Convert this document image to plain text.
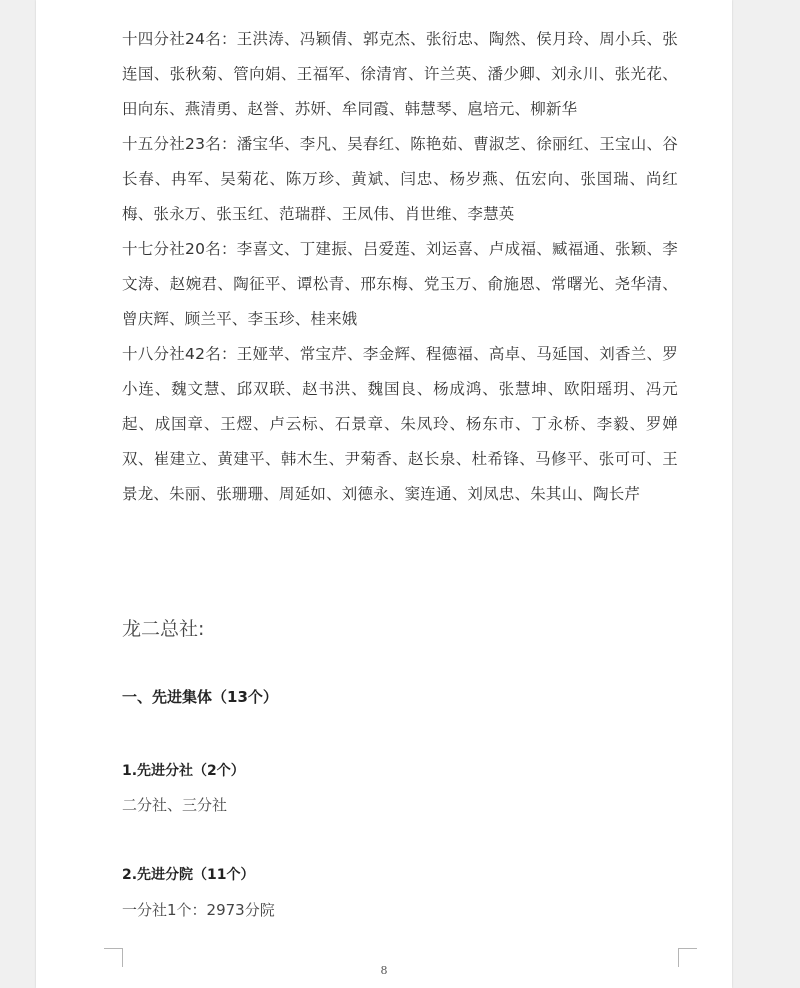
十四分社24名：王洪涛、冯颖倩、郭克杰、张衍忠、陶然、侯月玲、周小兵、张连国、张秋菊、管向娟、王福军、徐清宵、许兰英、潘少卿、刘永川、张光花、田向东、燕清勇、赵誉、苏妍、牟同霞、韩慧琴、扈培元、柳新华

十五分社23名：潘宝华、李凡、吴春红、陈艳茹、曹淑芝、徐丽红、王宝山、谷长春、冉军、吴菊花、陈万珍、黄斌、闫忠、杨岁燕、伍宏向、张国瑞、尚红梅、张永万、张玉红、范瑞群、王凤伟、肖世维、李慧英

十七分社20名：李喜文、丁建振、吕爱莲、刘运喜、卢成福、臧福通、张颖、李文涛、赵婉君、陶征平、谭松青、邢东梅、党玉万、俞施恩、常曙光、尧华清、曾庆辉、顾兰平、李玉珍、桂来娥

十八分社42名：王娅苹、常宝芹、李金辉、程德福、高卓、马延国、刘香兰、罗小连、魏文慧、邱双联、赵书洪、魏国良、杨成鸿、张慧坤、欧阳瑶玥、冯元起、成国章、王熤、卢云标、石景章、朱凤玲、杨东市、丁永桥、李毅、罗婵双、崔建立、黄建平、韩木生、尹菊香、赵长泉、杜希锋、马修平、张可可、王景龙、朱丽、张珊珊、周延如、刘德永、窦连通、刘凤忠、朱其山、陶长芹

龙二总社:

一、先进集体（13个）

1.先进分社（2个）

二分社、三分社

2.先进分院（11个）

一分社1个：2973分院

8
